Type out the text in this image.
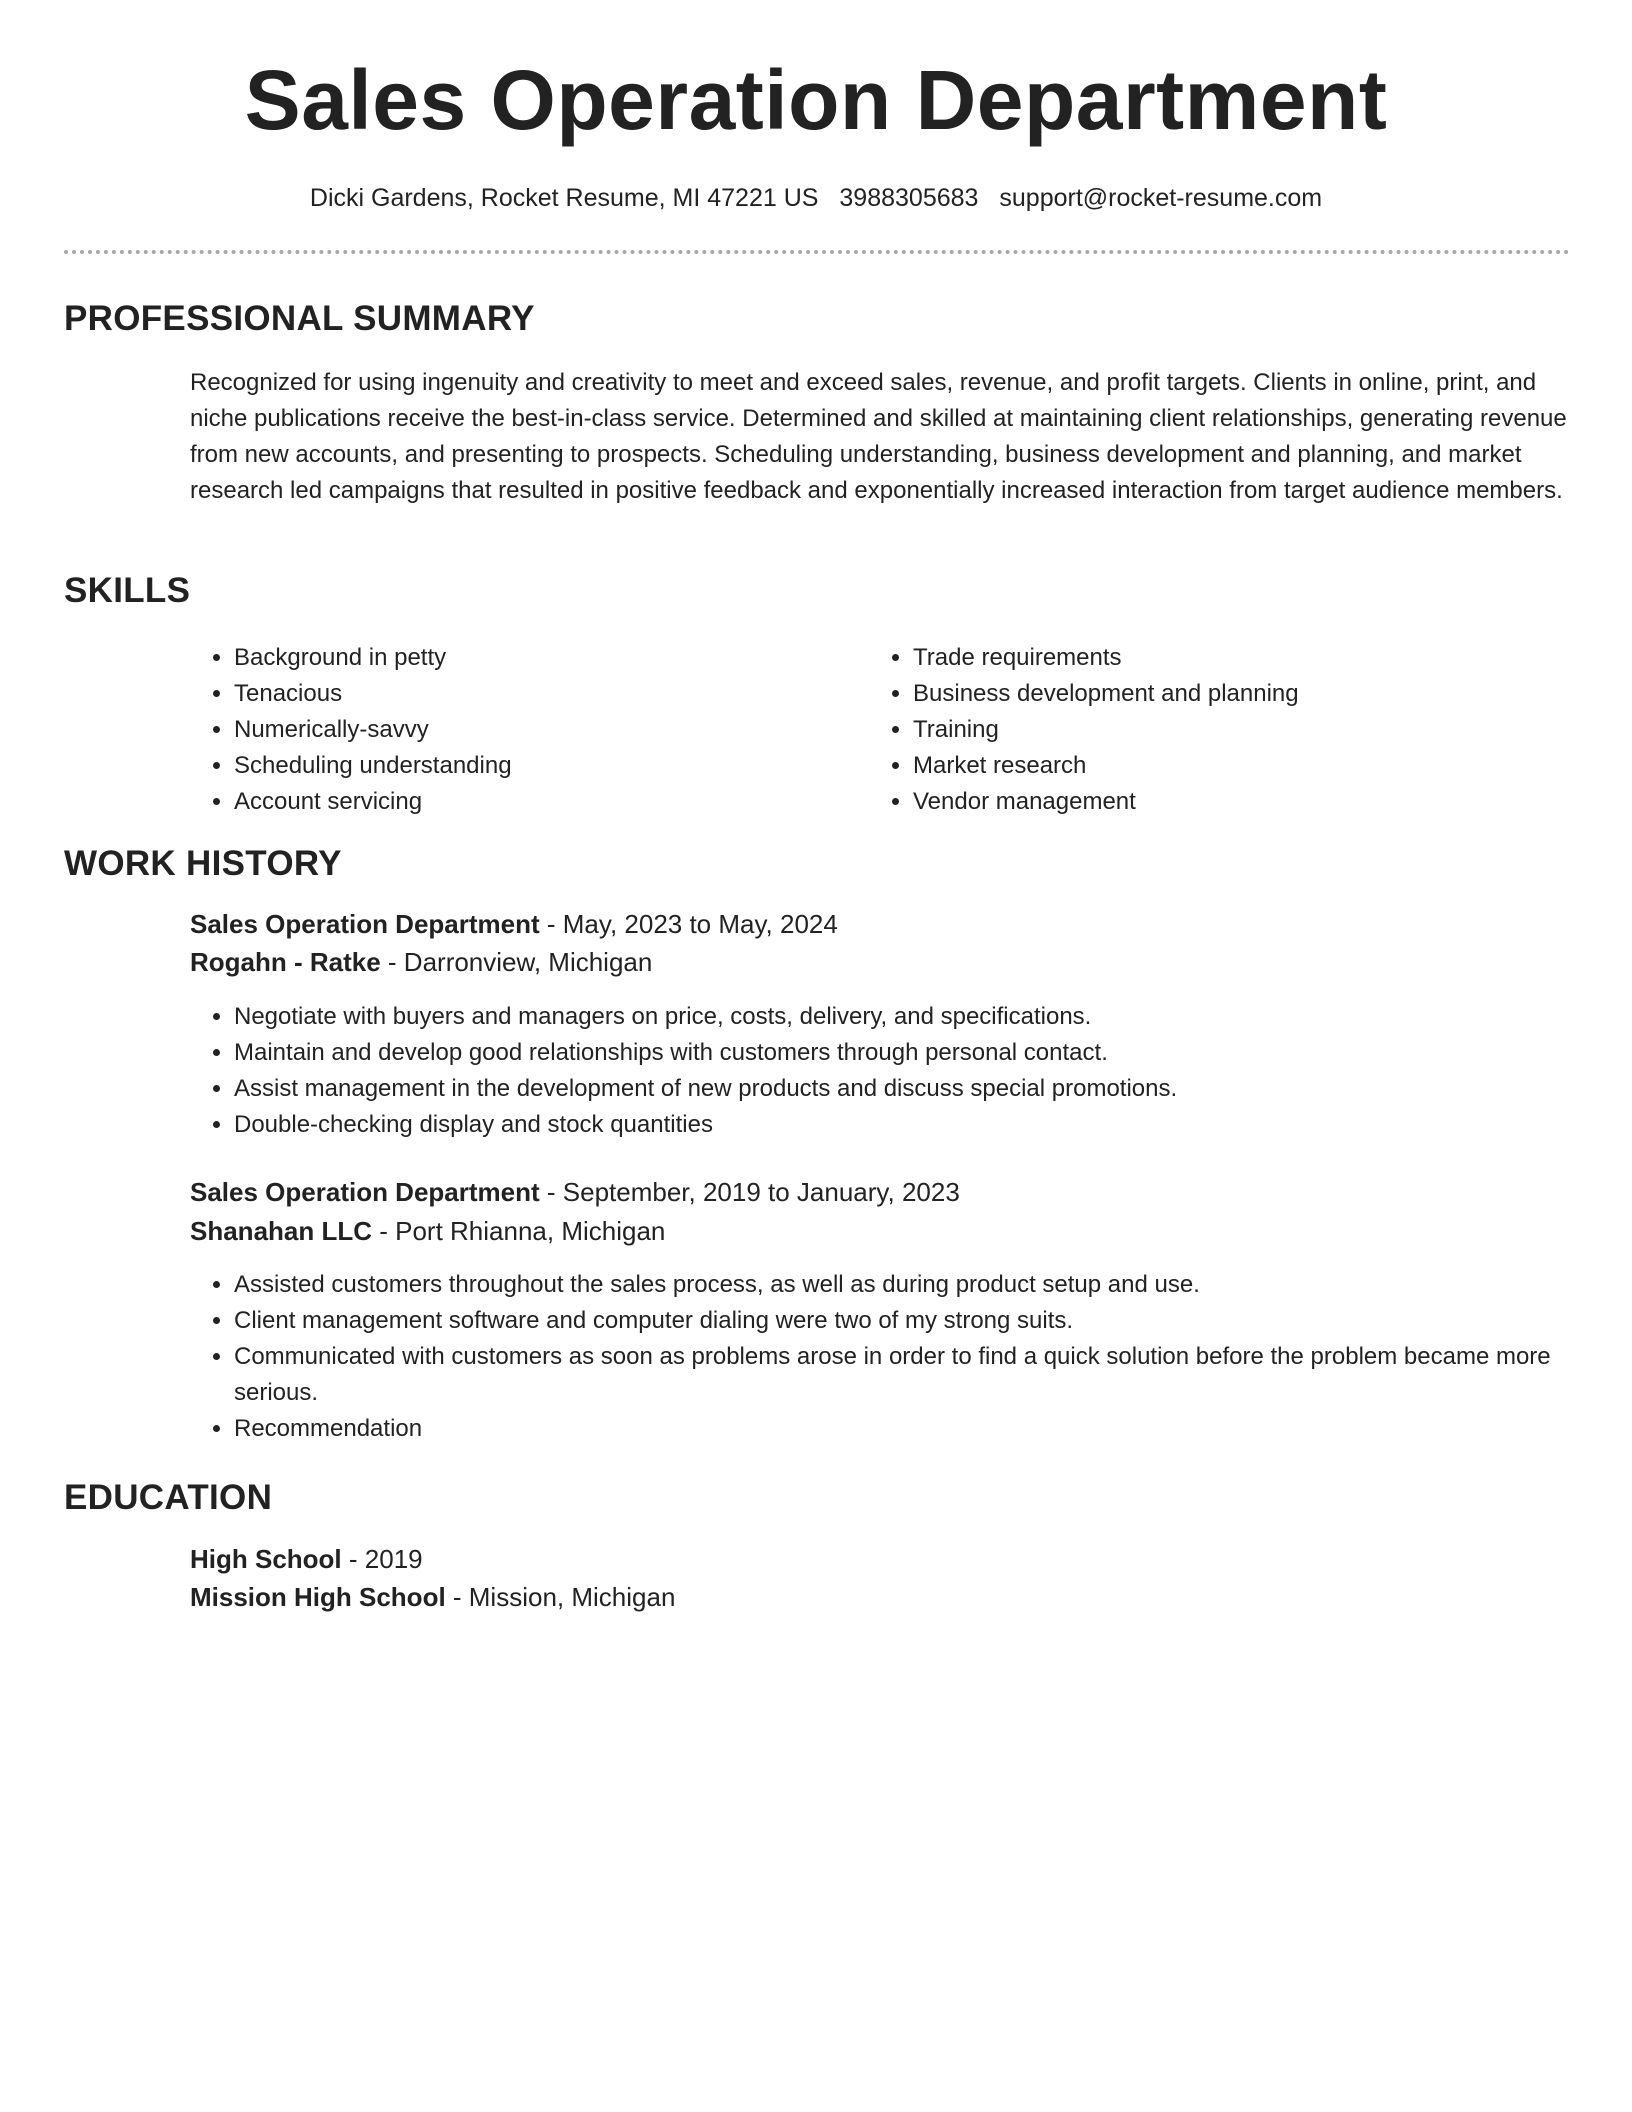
Sales Operation Department
Dicki Gardens, Rocket Resume, MI 47221 US 3988305683 support@rocket-resume.com
PROFESSIONAL SUMMARY

Recognized for using ingenuity and creativity to meet and exceed sales, revenue, and profit targets. Clients in online, print, and niche publications receive the best-in-class service. Determined and skilled at maintaining client relationships, generating revenue from new accounts, and presenting to prospects. Scheduling understanding, business development and planning, and market research led campaigns that resulted in positive feedback and exponentially increased interaction from target audience members.

SKILLS
• Background in petty
• Tenacious
• Numerically-savvy
• Scheduling understanding
• Account servicing
• Trade requirements
• Business development and planning
• Training
• Market research
• Vendor management
WORK HISTORY
Sales Operation Department - May, 2023 to May, 2024
Rogahn - Ratke - Darronview, Michigan
• Negotiate with buyers and managers on price, costs, delivery, and specifications.
• Maintain and develop good relationships with customers through personal contact.
• Assist management in the development of new products and discuss special promotions.
• Double-checking display and stock quantities
Sales Operation Department - September, 2019 to January, 2023
Shanahan LLC - Port Rhianna, Michigan
• Assisted customers throughout the sales process, as well as during product setup and use.
• Client management software and computer dialing were two of my strong suits.
• Communicated with customers as soon as problems arose in order to find a quick solution before the problem became more serious.
• Recommendation
EDUCATION
High School - 2019
Mission High School - Mission, Michigan
